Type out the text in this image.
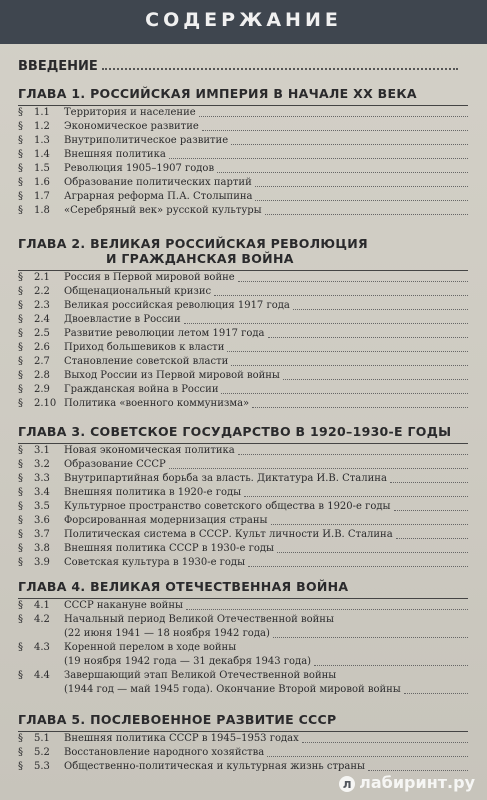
СОДЕРЖАНИЕ
ВВЕДЕНИЕ
ГЛАВА 1. РОССИЙСКАЯ ИМПЕРИЯ В НАЧАЛЕ XX ВЕКА
§	1.1	Территория и население
§	1.2	Экономическое развитие
§	1.3	Внутриполитическое развитие
§	1.4	Внешняя политика
§	1.5	Революция 1905–1907 годов
§	1.6	Образование политических партий
§	1.7	Аграрная реформа П.А. Столыпина
§	1.8	«Серебряный век» русской культуры
ГЛАВА 2. ВЕЛИКАЯ РОССИЙСКАЯ РЕВОЛЮЦИЯ
И ГРАЖДАНСКАЯ ВОЙНА
§	2.1	Россия в Первой мировой войне
§	2.2	Общенациональный кризис
§	2.3	Великая российская революция 1917 года
§	2.4	Двоевластие в России
§	2.5	Развитие революции летом 1917 года
§	2.6	Приход большевиков к власти
§	2.7	Становление советской власти
§	2.8	Выход России из Первой мировой войны
§	2.9	Гражданская война в России
§	2.10 Политика «военного коммунизма»
ГЛАВА 3. СОВЕТСКОЕ ГОСУДАРСТВО В 1920–1930-Е ГОДЫ
§	3.1	Новая экономическая политика
§	3.2	Образование СССР
§	3.3	Внутрипартийная борьба за власть. Диктатура И.В. Сталина
§	3.4	Внешняя политика в 1920-е годы
§	3.5	Культурное пространство советского общества в 1920-е годы
§	3.6	Форсированная модернизация страны
§	3.7	Политическая система в СССР. Культ личности И.В. Сталина
§	3.8	Внешняя политика СССР в 1930-е годы
§	3.9	Советская культура в 1930-е годы
ГЛАВА 4. ВЕЛИКАЯ ОТЕЧЕСТВЕННАЯ ВОЙНА
§	4.1	СССР накануне войны
§	4.2	Начальный период Великой Отечественной войны
(22 июня 1941 — 18 ноября 1942 года)
§	4.3	Коренной перелом в ходе войны
(19 ноября 1942 года — 31 декабря 1943 года)
§	4.4	Завершающий этап Великой Отечественной войны
(1944 год — май 1945 года). Окончание Второй мировой войны
ГЛАВА 5. ПОСЛЕВОЕННОЕ РАЗВИТИЕ СССР
§	5.1	Внешняя политика СССР в 1945–1953 годах
§	5.2	Восстановление народного хозяйства
§	5.3	Общественно-политическая и культурная жизнь страны
л лабиринт.ру
